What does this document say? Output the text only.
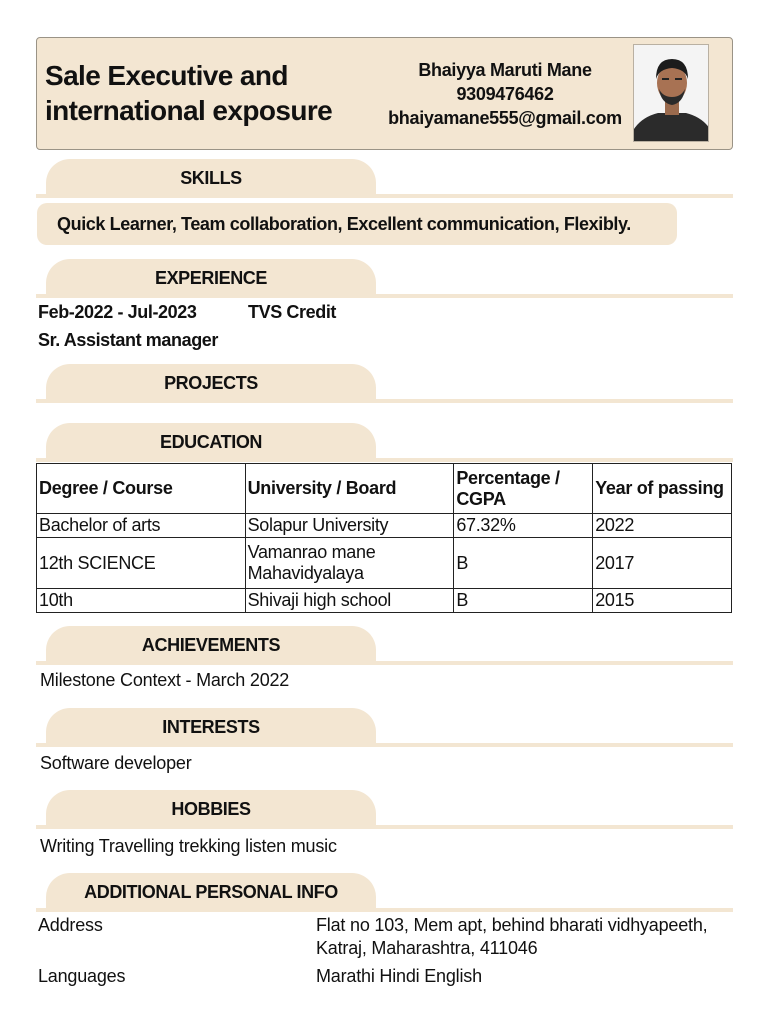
Sale Executive and international exposure
Bhaiyya Maruti Mane
9309476462
bhaiyamane555@gmail.com
SKILLS
Quick Learner, Team collaboration, Excellent communication, Flexibly.
EXPERIENCE
Feb-2022 - Jul-2023	TVS Credit
Sr. Assistant manager
PROJECTS
EDUCATION
Degree / Course	University / Board	Percentage / CGPA	Year of passing
Bachelor of arts	Solapur University	67.32%	2022
12th SCIENCE	Vamanrao mane Mahavidyalaya	B	2017
10th	Shivaji high school	B	2015
ACHIEVEMENTS
Milestone Context - March 2022
INTERESTS
Software developer
HOBBIES
Writing Travelling trekking listen music
ADDITIONAL PERSONAL INFO
Address	Flat no 103, Mem apt, behind bharati vidhyapeeth, Katraj, Maharashtra, 411046
Languages	Marathi Hindi English
